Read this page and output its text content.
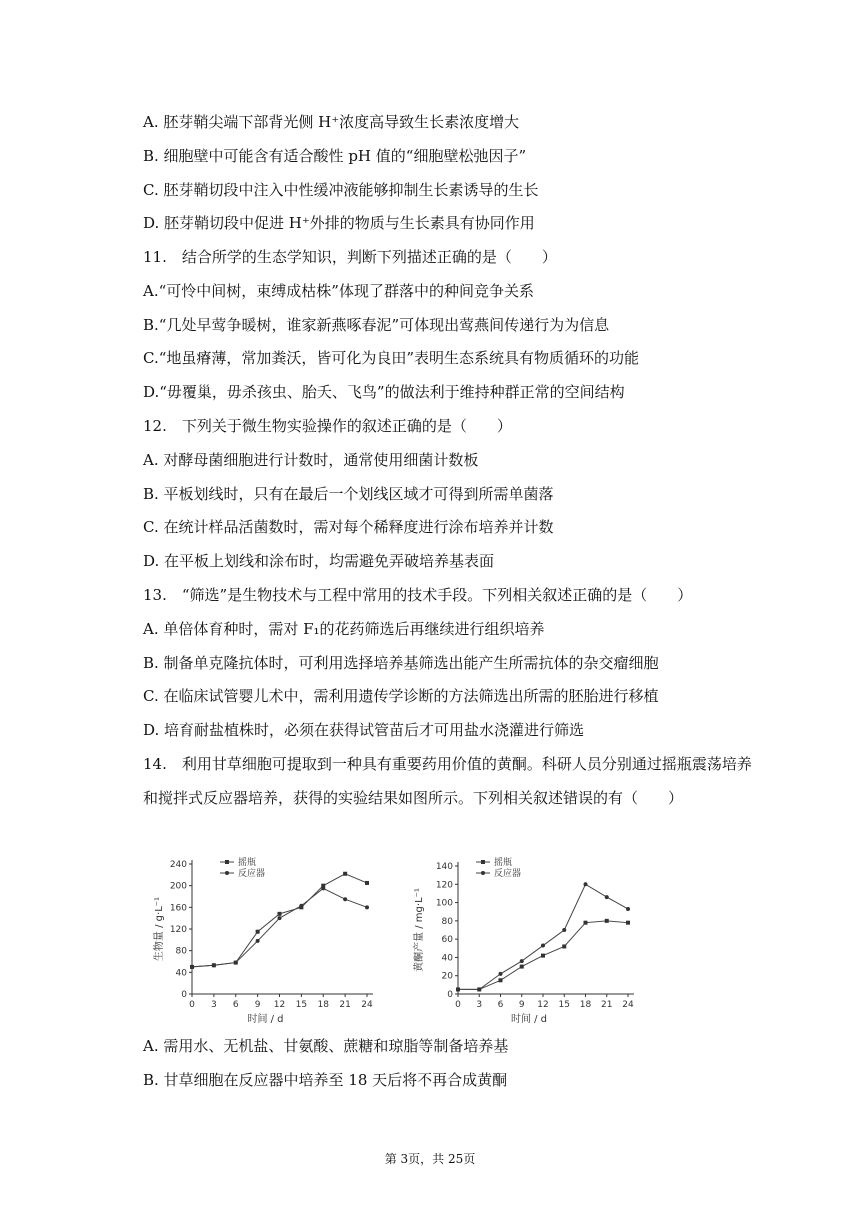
A. 胚芽鞘尖端下部背光侧 H⁺浓度高导致生长素浓度增大
B. 细胞壁中可能含有适合酸性 pH 值的“细胞壁松弛因子”
C. 胚芽鞘切段中注入中性缓冲液能够抑制生长素诱导的生长
D. 胚芽鞘切段中促进 H⁺外排的物质与生长素具有协同作用
11.　结合所学的生态学知识，判断下列描述正确的是（　　）
A.“可怜中间树，束缚成枯株”体现了群落中的种间竞争关系
B.“几处早莺争暖树，谁家新燕啄春泥”可体现出莺燕间传递行为为信息
C.“地虽瘠薄，常加粪沃，皆可化为良田”表明生态系统具有物质循环的功能
D.“毋覆巢，毋杀孩虫、胎夭、飞鸟”的做法利于维持种群正常的空间结构
12.　下列关于微生物实验操作的叙述正确的是（　　）
A. 对酵母菌细胞进行计数时，通常使用细菌计数板
B. 平板划线时，只有在最后一个划线区域才可得到所需单菌落
C. 在统计样品活菌数时，需对每个稀释度进行涂布培养并计数
D. 在平板上划线和涂布时，均需避免弄破培养基表面
13.　“筛选”是生物技术与工程中常用的技术手段。下列相关叙述正确的是（　　）
A. 单倍体育种时，需对 F₁的花药筛选后再继续进行组织培养
B. 制备单克隆抗体时，可利用选择培养基筛选出能产生所需抗体的杂交瘤细胞
C. 在临床试管婴儿术中，需利用遗传学诊断的方法筛选出所需的胚胎进行移植
D. 培育耐盐植株时，必须在获得试管苗后才可用盐水浇灌进行筛选
14.　利用甘草细胞可提取到一种具有重要药用价值的黄酮。科研人员分别通过摇瓶震荡培养
和搅拌式反应器培养，获得的实验结果如图所示。下列相关叙述错误的有（　　）
0
40
80
120
160
200
240
0 3 6 9 12 15 18 21 24
时间 / d
生物量 / g·L⁻¹
摇瓶
反应器
0
20
40
60
80
100
120
140
0 3 6 9 12 15 18 21 24
时间 / d
黄酮产量 / mg·L⁻¹
摇瓶
反应器
A. 需用水、无机盐、甘氨酸、蔗糖和琼脂等制备培养基
B. 甘草细胞在反应器中培养至 18 天后将不再合成黄酮
第 3页，共 25页
